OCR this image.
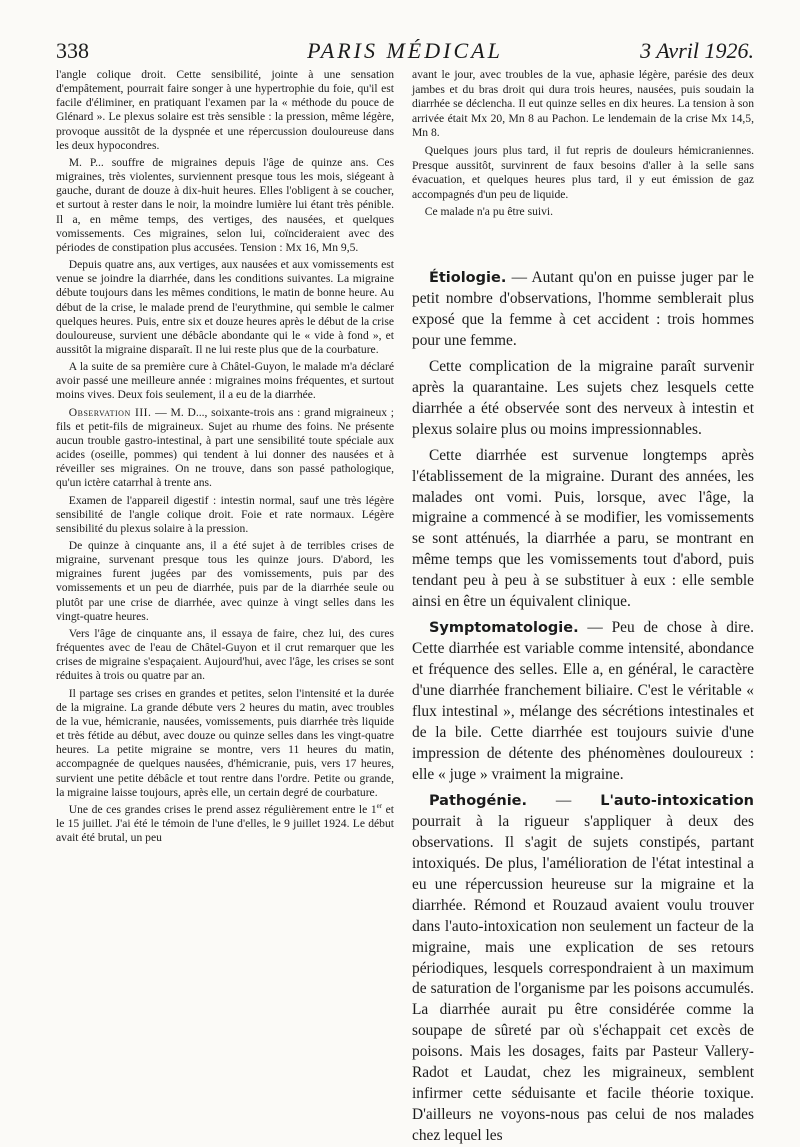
338	PARIS MÉDICAL	3 Avril 1926.

l'angle colique droit. Cette sensibilité, jointe à une sensation d'empâtement, pourrait faire songer à une hypertrophie du foie, qu'il est facile d'éliminer, en pratiquant l'examen par la « méthode du pouce de Glénard ». Le plexus solaire est très sensible : la pression, même légère, provoque aussitôt de la dyspnée et une répercussion douloureuse dans les deux hypocondres.

M. P... souffre de migraines depuis l'âge de quinze ans. Ces migraines, très violentes, surviennent presque tous les mois, siégeant à gauche, durant de douze à dix-huit heures. Elles l'obligent à se coucher, et surtout à rester dans le noir, la moindre lumière lui étant très pénible. Il a, en même temps, des vertiges, des nausées, et quelques vomissements. Ces migraines, selon lui, coïncideraient avec des périodes de constipation plus accusées. Tension : Mx 16, Mn 9,5.

Depuis quatre ans, aux vertiges, aux nausées et aux vomissements est venue se joindre la diarrhée, dans les conditions suivantes. La migraine débute toujours dans les mêmes conditions, le matin de bonne heure. Au début de la crise, le malade prend de l'eurythmine, qui semble le calmer quelques heures. Puis, entre six et douze heures après le début de la crise douloureuse, survient une débâcle abondante qui le « vide à fond », et aussitôt la migraine disparaît. Il ne lui reste plus que de la courbature.

A la suite de sa première cure à Châtel-Guyon, le malade m'a déclaré avoir passé une meilleure année : migraines moins fréquentes, et surtout moins vives. Deux fois seulement, il a eu de la diarrhée.

Observation III. — M. D..., soixante-trois ans : grand migraineux ; fils et petit-fils de migraineux. Sujet au rhume des foins. Ne présente aucun trouble gastro-intestinal, à part une sensibilité toute spéciale aux acides (oseille, pommes) qui tendent à lui donner des nausées et à réveiller ses migraines. On ne trouve, dans son passé pathologique, qu'un ictère catarrhal à trente ans.

Examen de l'appareil digestif : intestin normal, sauf une très légère sensibilité de l'angle colique droit. Foie et rate normaux. Légère sensibilité du plexus solaire à la pression.

De quinze à cinquante ans, il a été sujet à de terribles crises de migraine, survenant presque tous les quinze jours. D'abord, les migraines furent jugées par des vomissements, puis par des vomissements et un peu de diarrhée, puis par de la diarrhée seule ou plutôt par une crise de diarrhée, avec quinze à vingt selles dans les vingt-quatre heures.

Vers l'âge de cinquante ans, il essaya de faire, chez lui, des cures fréquentes avec de l'eau de Châtel-Guyon et il crut remarquer que les crises de migraine s'espaçaient. Aujourd'hui, avec l'âge, les crises se sont réduites à trois ou quatre par an.

Il partage ses crises en grandes et petites, selon l'intensité et la durée de la migraine. La grande débute vers 2 heures du matin, avec troubles de la vue, hémicranie, nausées, vomissements, puis diarrhée très liquide et très fétide au début, avec douze ou quinze selles dans les vingt-quatre heures. La petite migraine se montre, vers 11 heures du matin, accompagnée de quelques nausées, d'hémicranie, puis, vers 17 heures, survient une petite débâcle et tout rentre dans l'ordre. Petite ou grande, la migraine laisse toujours, après elle, un certain degré de courbature.

Une de ces grandes crises le prend assez régulièrement entre le 1er et le 15 juillet. J'ai été le témoin de l'une d'elles, le 9 juillet 1924. Le début avait été brutal, un peu

avant le jour, avec troubles de la vue, aphasie légère, parésie des deux jambes et du bras droit qui dura trois heures, nausées, puis soudain la diarrhée se déclencha. Il eut quinze selles en dix heures. La tension à son arrivée était Mx 20, Mn 8 au Pachon. Le lendemain de la crise Mx 14,5, Mn 8.

Quelques jours plus tard, il fut repris de douleurs hémicraniennes. Presque aussitôt, survinrent de faux besoins d'aller à la selle sans évacuation, et quelques heures plus tard, il y eut émission de gaz accompagnés d'un peu de liquide.

Ce malade n'a pu être suivi.

Étiologie. — Autant qu'on en puisse juger par le petit nombre d'observations, l'homme semblerait plus exposé que la femme à cet accident : trois hommes pour une femme.

Cette complication de la migraine paraît survenir après la quarantaine. Les sujets chez lesquels cette diarrhée a été observée sont des nerveux à intestin et plexus solaire plus ou moins impressionnables.

Cette diarrhée est survenue longtemps après l'établissement de la migraine. Durant des années, les malades ont vomi. Puis, lorsque, avec l'âge, la migraine a commencé à se modifier, les vomissements se sont atténués, la diarrhée a paru, se montrant en même temps que les vomissements tout d'abord, puis tendant peu à peu à se substituer à eux : elle semble ainsi en être un équivalent clinique.

Symptomatologie. — Peu de chose à dire. Cette diarrhée est variable comme intensité, abondance et fréquence des selles. Elle a, en général, le caractère d'une diarrhée franchement biliaire. C'est le véritable « flux intestinal », mélange des sécrétions intestinales et de la bile. Cette diarrhée est toujours suivie d'une impression de détente des phénomènes douloureux : elle « juge » vraiment la migraine.

Pathogénie. — L'auto-intoxication pourrait à la rigueur s'appliquer à deux des observations. Il s'agit de sujets constipés, partant intoxiqués. De plus, l'amélioration de l'état intestinal a eu une répercussion heureuse sur la migraine et la diarrhée. Rémond et Rouzaud avaient voulu trouver dans l'auto-intoxication non seulement un facteur de la migraine, mais une explication de ses retours périodiques, lesquels correspondraient à un maximum de saturation de l'organisme par les poisons accumulés. La diarrhée aurait pu être considérée comme la soupape de sûreté par où s'échappait cet excès de poisons. Mais les dosages, faits par Pasteur Vallery-Radot et Laudat, chez les migraineux, semblent infirmer cette séduisante et facile théorie toxique. D'ailleurs ne voyons-nous pas celui de nos malades chez lequel les
